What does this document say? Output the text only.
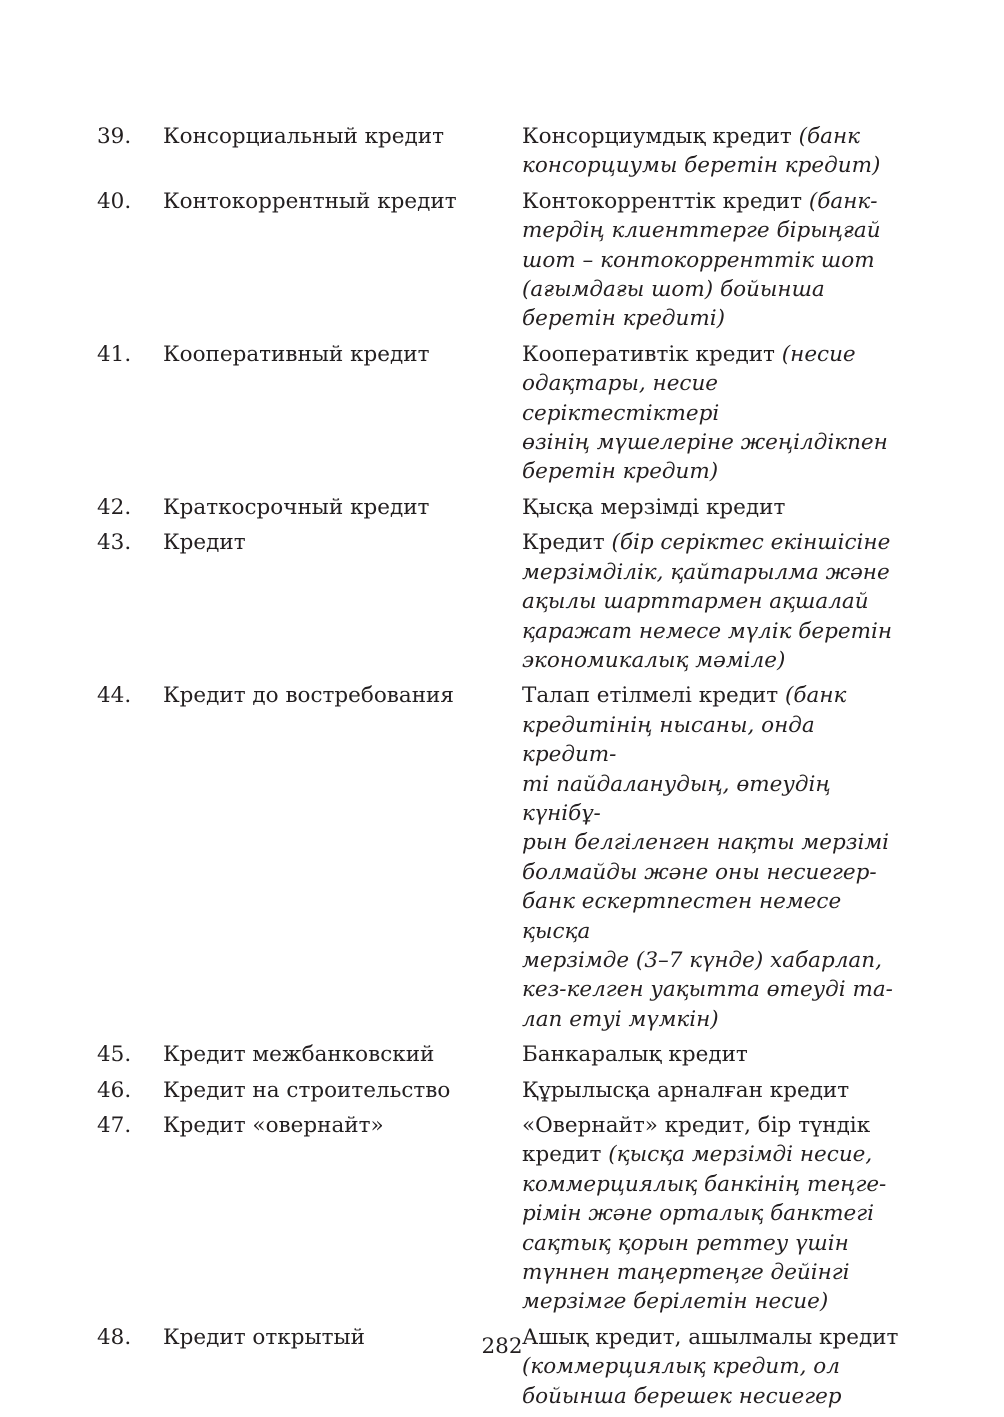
39.	Консорциальный кредит	Консорциумдық кредит (банк
консорциумы беретін кредит)
40.	Контокоррентный кредит	Контокорренттік кредит (банк-
тердің клиенттерге бірыңғай
шот – контокорренттік шот
(ағымдағы шот) бойынша
беретін кредиті)
41.	Кооперативный кредит	Кооперативтік кредит (несие
одақтары, несие серіктестіктері
өзінің мүшелеріне жеңілдікпен
беретін кредит)
42.	Краткосрочный кредит	Қысқа мерзімді кредит
43.	Кредит	Кредит (бір серіктес екіншісіне
мерзімділік, қайтарылма және
ақылы шарттармен ақшалай
қаражат немесе мүлік беретін
экономикалық мәміле)
44.	Кредит до востребования	Талап етілмелі кредит (банк
кредитінің нысаны, онда кредит-
ті пайдаланудың, өтеудің күнібұ-
рын белгіленген нақты мерзімі
болмайды және оны несиегер-
банк ескертпестен немесе қысқа
мерзімде (3–7 күнде) хабарлап,
кез-келген уақытта өтеуді та-
лап етуі мүмкін)
45.	Кредит межбанковский	Банкаралық кредит
46.	Кредит на строительство	Құрылысқа арналған кредит
47.	Кредит «овернайт»	«Овернайт» кредит, бір түндік
кредит (қысқа мерзімді несие,
коммерциялық банкінің теңге-
рімін және орталық банктегі
сақтық қорын реттеу үшін
түннен таңертеңге дейінгі
мерзімге берілетін несие)
48.	Кредит открытый	Ашық кредит, ашылмалы кредит
(коммерциялық кредит, ол
бойынша берешек несиегер
282
